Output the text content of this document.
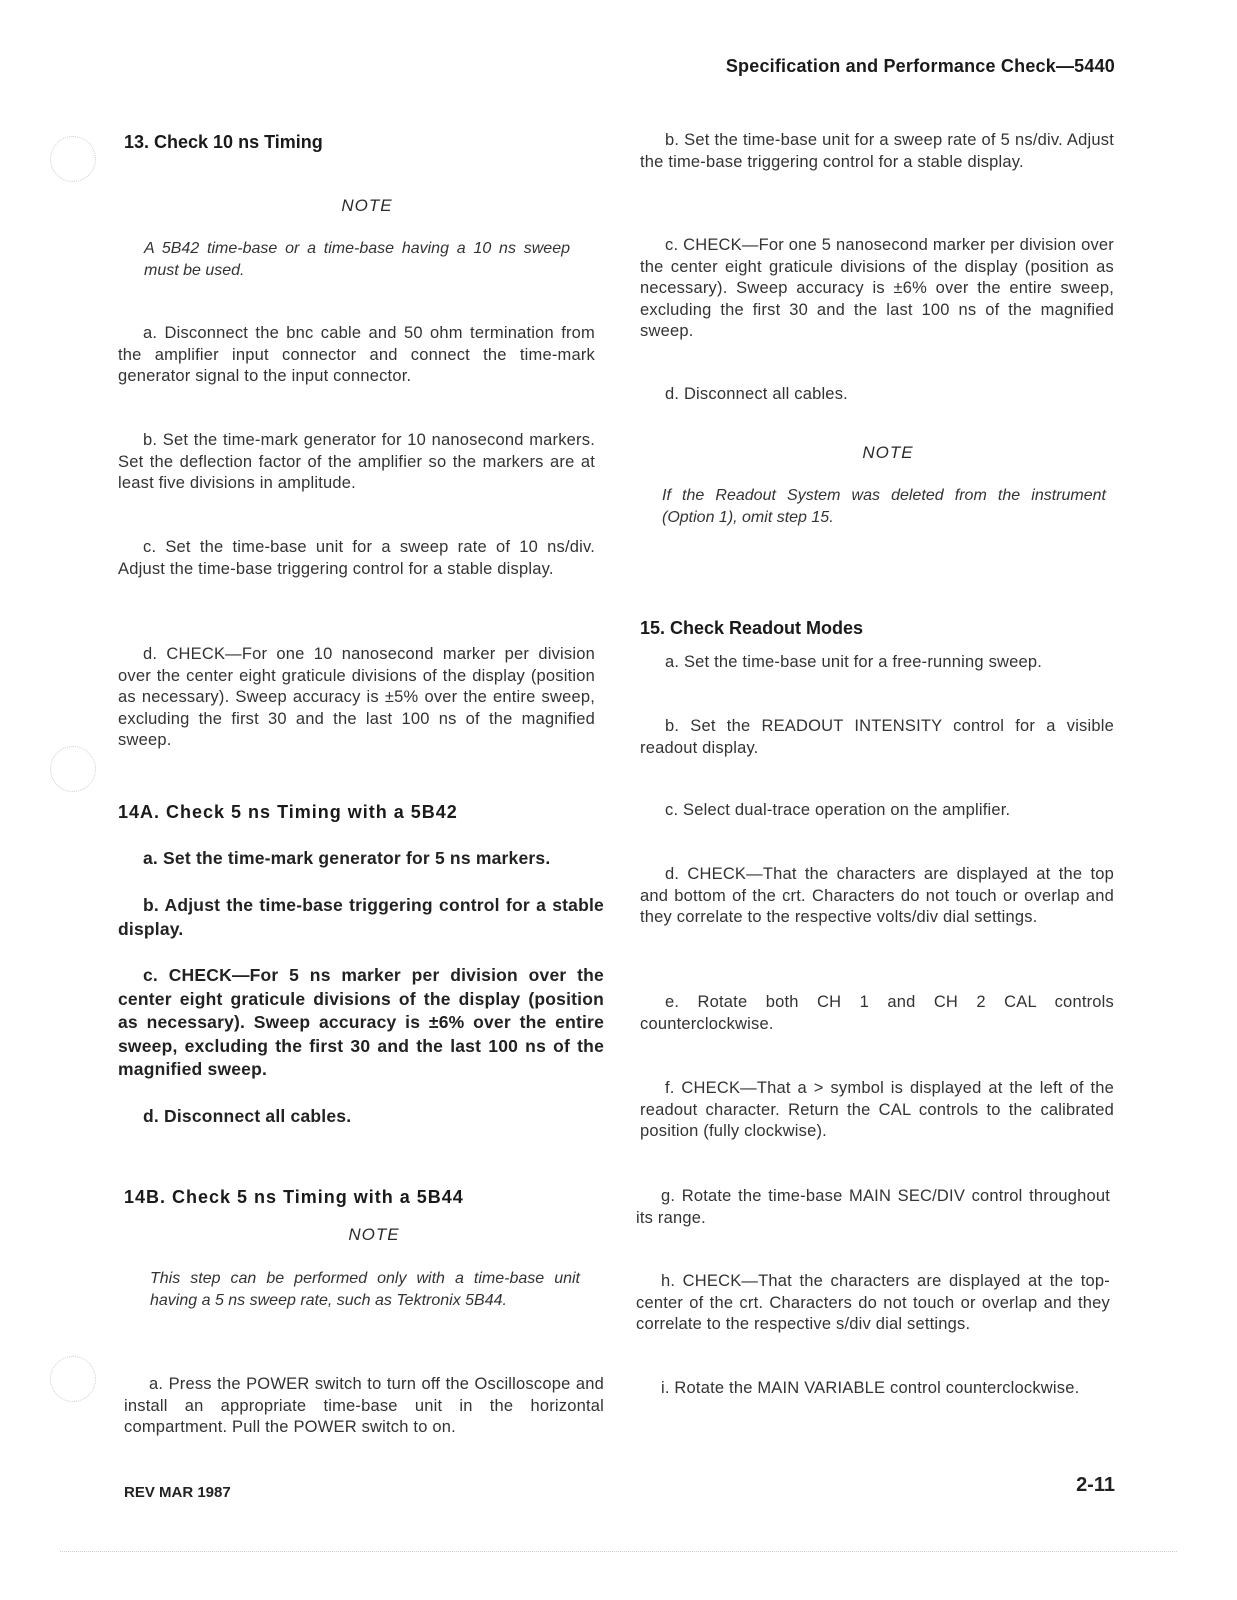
Specification and Performance Check—5440
13. Check 10 ns Timing
NOTE
A 5B42 time-base or a time-base having a 10 ns sweep must be used.
a. Disconnect the bnc cable and 50 ohm termination from the amplifier input connector and connect the time-mark generator signal to the input connector.
b. Set the time-mark generator for 10 nanosecond markers. Set the deflection factor of the amplifier so the markers are at least five divisions in amplitude.
c. Set the time-base unit for a sweep rate of 10 ns/div. Adjust the time-base triggering control for a stable display.
d. CHECK—For one 10 nanosecond marker per division over the center eight graticule divisions of the display (position as necessary). Sweep accuracy is ±5% over the entire sweep, excluding the first 30 and the last 100 ns of the magnified sweep.
14A. Check 5 ns Timing with a 5B42
a. Set the time-mark generator for 5 ns markers.
b. Adjust the time-base triggering control for a stable display.
c. CHECK—For 5 ns marker per division over the center eight graticule divisions of the display (position as necessary). Sweep accuracy is ±6% over the entire sweep, excluding the first 30 and the last 100 ns of the magnified sweep.
d. Disconnect all cables.
14B. Check 5 ns Timing with a 5B44
NOTE
This step can be performed only with a time-base unit having a 5 ns sweep rate, such as Tektronix 5B44.
a. Press the POWER switch to turn off the Oscilloscope and install an appropriate time-base unit in the horizontal compartment. Pull the POWER switch to on.
b. Set the time-base unit for a sweep rate of 5 ns/div. Adjust the time-base triggering control for a stable display.
c. CHECK—For one 5 nanosecond marker per division over the center eight graticule divisions of the display (position as necessary). Sweep accuracy is ±6% over the entire sweep, excluding the first 30 and the last 100 ns of the magnified sweep.
d. Disconnect all cables.
NOTE
If the Readout System was deleted from the instrument (Option 1), omit step 15.
15. Check Readout Modes
a. Set the time-base unit for a free-running sweep.
b. Set the READOUT INTENSITY control for a visible readout display.
c. Select dual-trace operation on the amplifier.
d. CHECK—That the characters are displayed at the top and bottom of the crt. Characters do not touch or overlap and they correlate to the respective volts/div dial settings.
e. Rotate both CH 1 and CH 2 CAL controls counterclockwise.
f. CHECK—That a > symbol is displayed at the left of the readout character. Return the CAL controls to the calibrated position (fully clockwise).
g. Rotate the time-base MAIN SEC/DIV control throughout its range.
h. CHECK—That the characters are displayed at the top-center of the crt. Characters do not touch or overlap and they correlate to the respective s/div dial settings.
i. Rotate the MAIN VARIABLE control counterclockwise.
REV MAR 1987	2-11
